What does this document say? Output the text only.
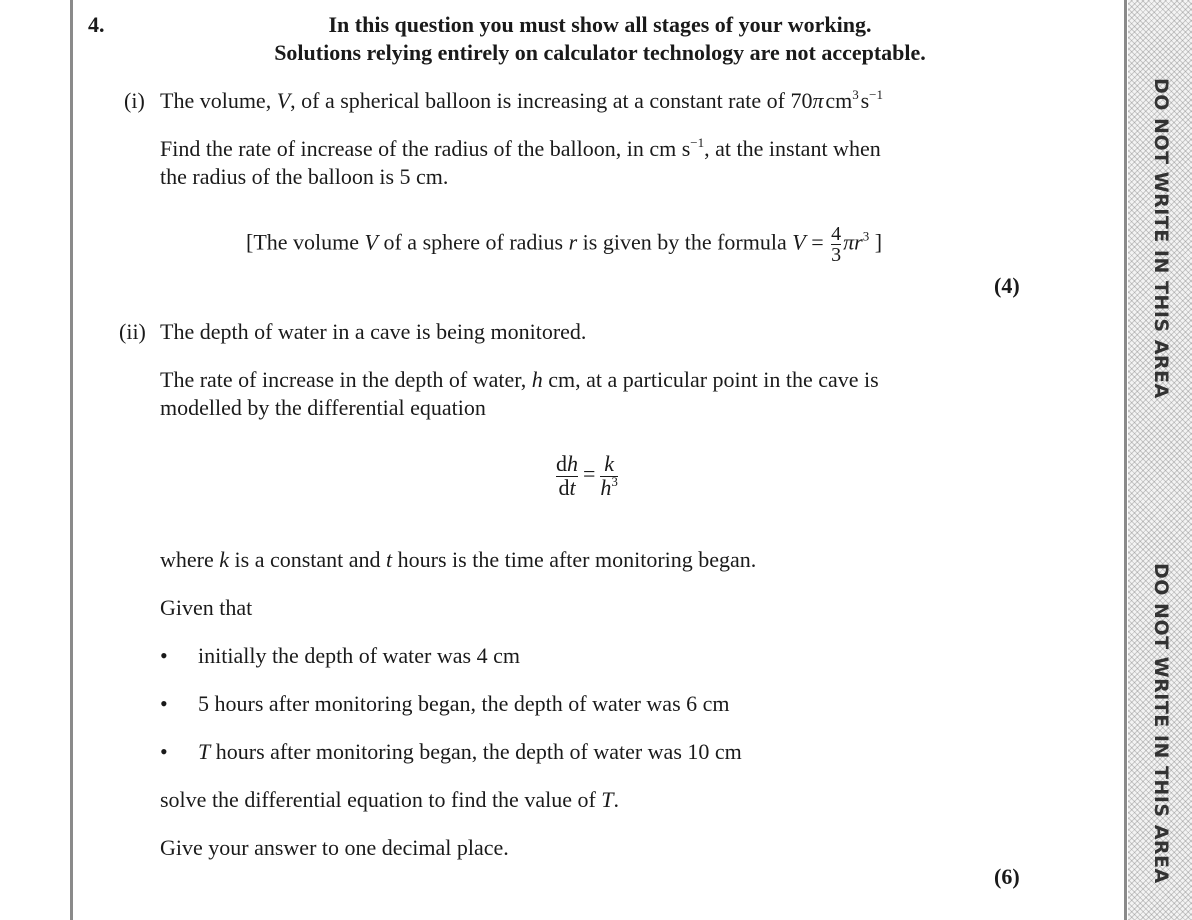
DO NOT WRITE IN THIS AREA
DO NOT WRITE IN THIS AREA
4.	In this question you must show all stages of your working.
Solutions relying entirely on calculator technology are not acceptable.
(i) The volume, V, of a spherical balloon is increasing at a constant rate of 70π $cm^3$ $s^{-1}$
Find the rate of increase of the radius of the balloon, in cm $s^{-1}$, at the instant when
the radius of the balloon is 5 cm.
[The volume V of a sphere of radius r is given by the formula $V = \frac{4}{3} \pi r^3$ ]
(4)
(ii) The depth of water in a cave is being monitored.
The rate of increase in the depth of water, h cm, at a particular point in the cave is
modelled by the differential equation
$\frac{dh}{dt} = \frac{k}{h^3}$
where k is a constant and t hours is the time after monitoring began.
Given that
• initially the depth of water was 4 cm
• 5 hours after monitoring began, the depth of water was 6 cm
• T hours after monitoring began, the depth of water was 10 cm
solve the differential equation to find the value of T.
Give your answer to one decimal place.
(6)
